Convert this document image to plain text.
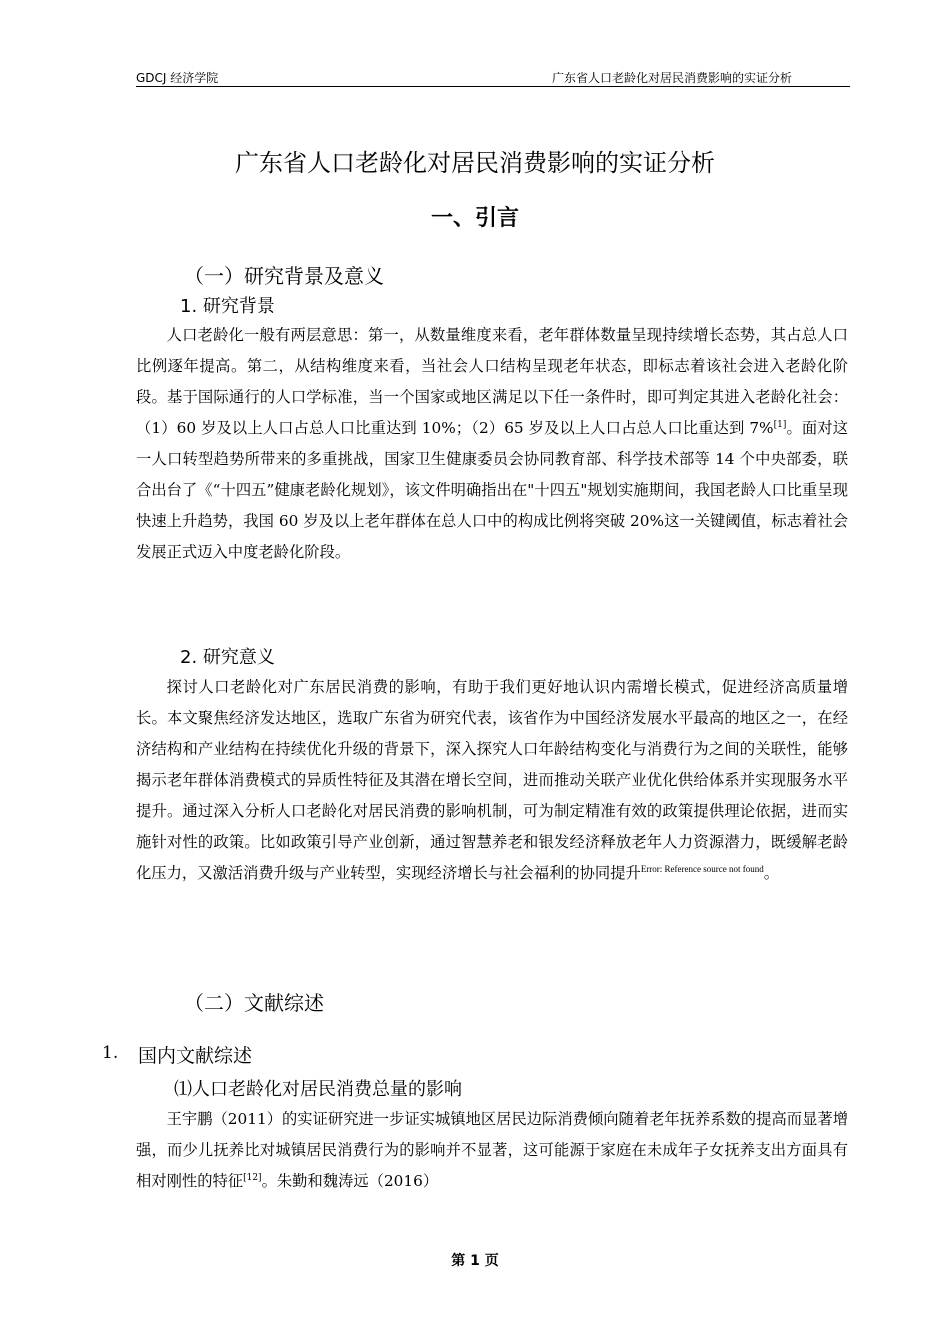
GDCJ 经济学院	广东省人口老龄化对居民消费影响的实证分析
广东省人口老龄化对居民消费影响的实证分析
一、引言
（一）研究背景及意义
1. 研究背景

人口老龄化一般有两层意思：第一，从数量维度来看，老年群体数量呈现持续增长态势，其占总人口比例逐年提高。第二，从结构维度来看，当社会人口结构呈现老年状态，即标志着该社会进入老龄化阶段。基于国际通行的人口学标准，当一个国家或地区满足以下任一条件时，即可判定其进入老龄化社会：（1）60 岁及以上人口占总人口比重达到 10%；（2）65 岁及以上人口占总人口比重达到 7%[1]。面对这一人口转型趋势所带来的多重挑战，国家卫生健康委员会协同教育部、科学技术部等 14 个中央部委，联合出台了《“十四五”健康老龄化规划》，该文件明确指出在"十四五"规划实施期间，我国老龄人口比重呈现快速上升趋势，我国 60 岁及以上老年群体在总人口中的构成比例将突破 20%这一关键阈值，标志着社会发展正式迈入中度老龄化阶段。

2. 研究意义

探讨人口老龄化对广东居民消费的影响，有助于我们更好地认识内需增长模式，促进经济高质量增长。本文聚焦经济发达地区，选取广东省为研究代表，该省作为中国经济发展水平最高的地区之一，在经济结构和产业结构在持续优化升级的背景下，深入探究人口年龄结构变化与消费行为之间的关联性，能够揭示老年群体消费模式的异质性特征及其潜在增长空间，进而推动关联产业优化供给体系并实现服务水平提升。通过深入分析人口老龄化对居民消费的影响机制，可为制定精准有效的政策提供理论依据，进而实施针对性的政策。比如政策引导产业创新，通过智慧养老和银发经济释放老年人力资源潜力，既缓解老龄化压力，又激活消费升级与产业转型，实现经济增长与社会福利的协同提升$^{Error: Reference source not found}$。

（二）文献综述
1. 国内文献综述
⑴人口老龄化对居民消费总量的影响

王宇鹏（2011）的实证研究进一步证实城镇地区居民边际消费倾向随着老年抚养系数的提高而显著增强，而少儿抚养比对城镇居民消费行为的影响并不显著，这可能源于家庭在未成年子女抚养支出方面具有相对刚性的特征[12]。朱勤和魏涛远（2016）

第 1 页
